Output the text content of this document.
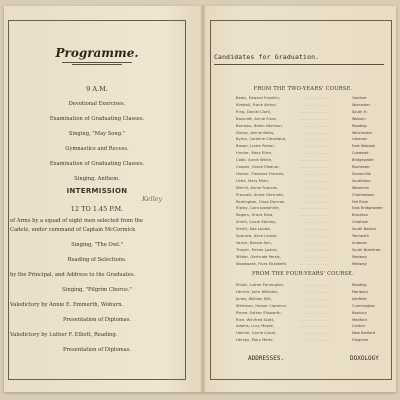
Programme.
9 A.M.
Devotional Exercises.
Examination of Graduating Classes.
Singing, "May Song."
Gymnastics and Recess.
Examination of Graduating Classes.
Singing, Anthem.
INTERMISSION
12 TO 1.45 P.M.
of Arms by a squad of eight men selected from the
Cadets, under command of Captain McCormick
Singing, "The Owl."
Reading of Selections.
by the Principal, and Address to the Graduates.
Singing, "Pilgrim Chorus."
Valedictory by Annie E. Emmerth, Woburn.
Presentation of Diplomas.
Valedictory by Luther F. Elliott, Reading.
Presentation of Diplomas.
Kelley
Candidates for Graduation.
FROM THE TWO-YEARS' COURSE.
Beals, Edward Franklin,	. . . . . . . . . . . . .	Gardner
Kimball, Frank Arthur,	. . . . . . . . . . . . .	Worcester
Ring, Daniel Clark,	. . . . . . . . . . . . .	South Fr.
Bancroft, Annie Flora,	. . . . . . . . . . . . .	Woburn
Barrows, Helen Harrison,	. . . . . . . . . . . . .	Reading
Dinley, Jennie Betts,	. . . . . . . . . . . . .	Winchester
Byron, Caroline Cleveland,	. . . . . . . . . . . . .	Lebanon
Brown, Lizzie Parker,	. . . . . . . . . . . . .	East Walpole
Hunter, Mary Ellen,	. . . . . . . . . . . . .	Cohasset
Cobb, Annie White,	. . . . . . . . . . . . .	Bridgewater
Cooper, Grace Eleanor,	. . . . . . . . . . . . .	Rochester
Hunter, Florence Frances,	. . . . . . . . . . . . .	Somerville
Little, Mary Ellen,	. . . . . . . . . . . . .	Southboro
Merrill, Annie Frances,	. . . . . . . . . . . . .	Wareham
Prescott, Annie Gertrude,	. . . . . . . . . . . . .	Charlestown
Remington, Clara Duncan,	. . . . . . . . . . . . .	Fall River
Ripley, Cora Josephine,	. . . . . . . . . . . . .	East Bridgewater
Rogers, Grace Nina,	. . . . . . . . . . . . .	Brockton
Smith, Lizzie Stanley,	. . . . . . . . . . . . .	Chatham
Smith, Ada Louise,	. . . . . . . . . . . . .	South Boston
Sparrow, Alice Louise,	. . . . . . . . . . . . .	Yarmouth
Varick, Bessie Ann,	. . . . . . . . . . . . .	Andover
Thayer, Emma Louise,	. . . . . . . . . . . . .	South Braintree
Wilder, Gertrude Persis,	. . . . . . . . . . . . .	Medway
Woodward, Flora Elizabeth,	. . . . . . . . . . . . .	Medway
FROM THE FOUR-YEARS' COURSE.
Elliott, Luther Fernington,	. . . . . . . . . . . . .	Reading
Herrick, John Williams,	. . . . . . . . . . . . .	Marlboro
Jones, William Sillt,	. . . . . . . . . . . . .	Ashfield
Whitman, Homer Clarence,	. . . . . . . . . . . . .	Cummington
Pierce, Esther Ellsworth,	. . . . . . . . . . . . .	Roxbury
Rice, Winifred Scott,	. . . . . . . . . . . . .	Medford
Adams, Lucy Moore,	. . . . . . . . . . . . .	Canton
Hamlin, Carrie Lizzie,	. . . . . . . . . . . . .	New Bedford
Hersey, Mary Merle,	. . . . . . . . . . . . .	Hingham
ADDRESSES.	DOXOLOGY
